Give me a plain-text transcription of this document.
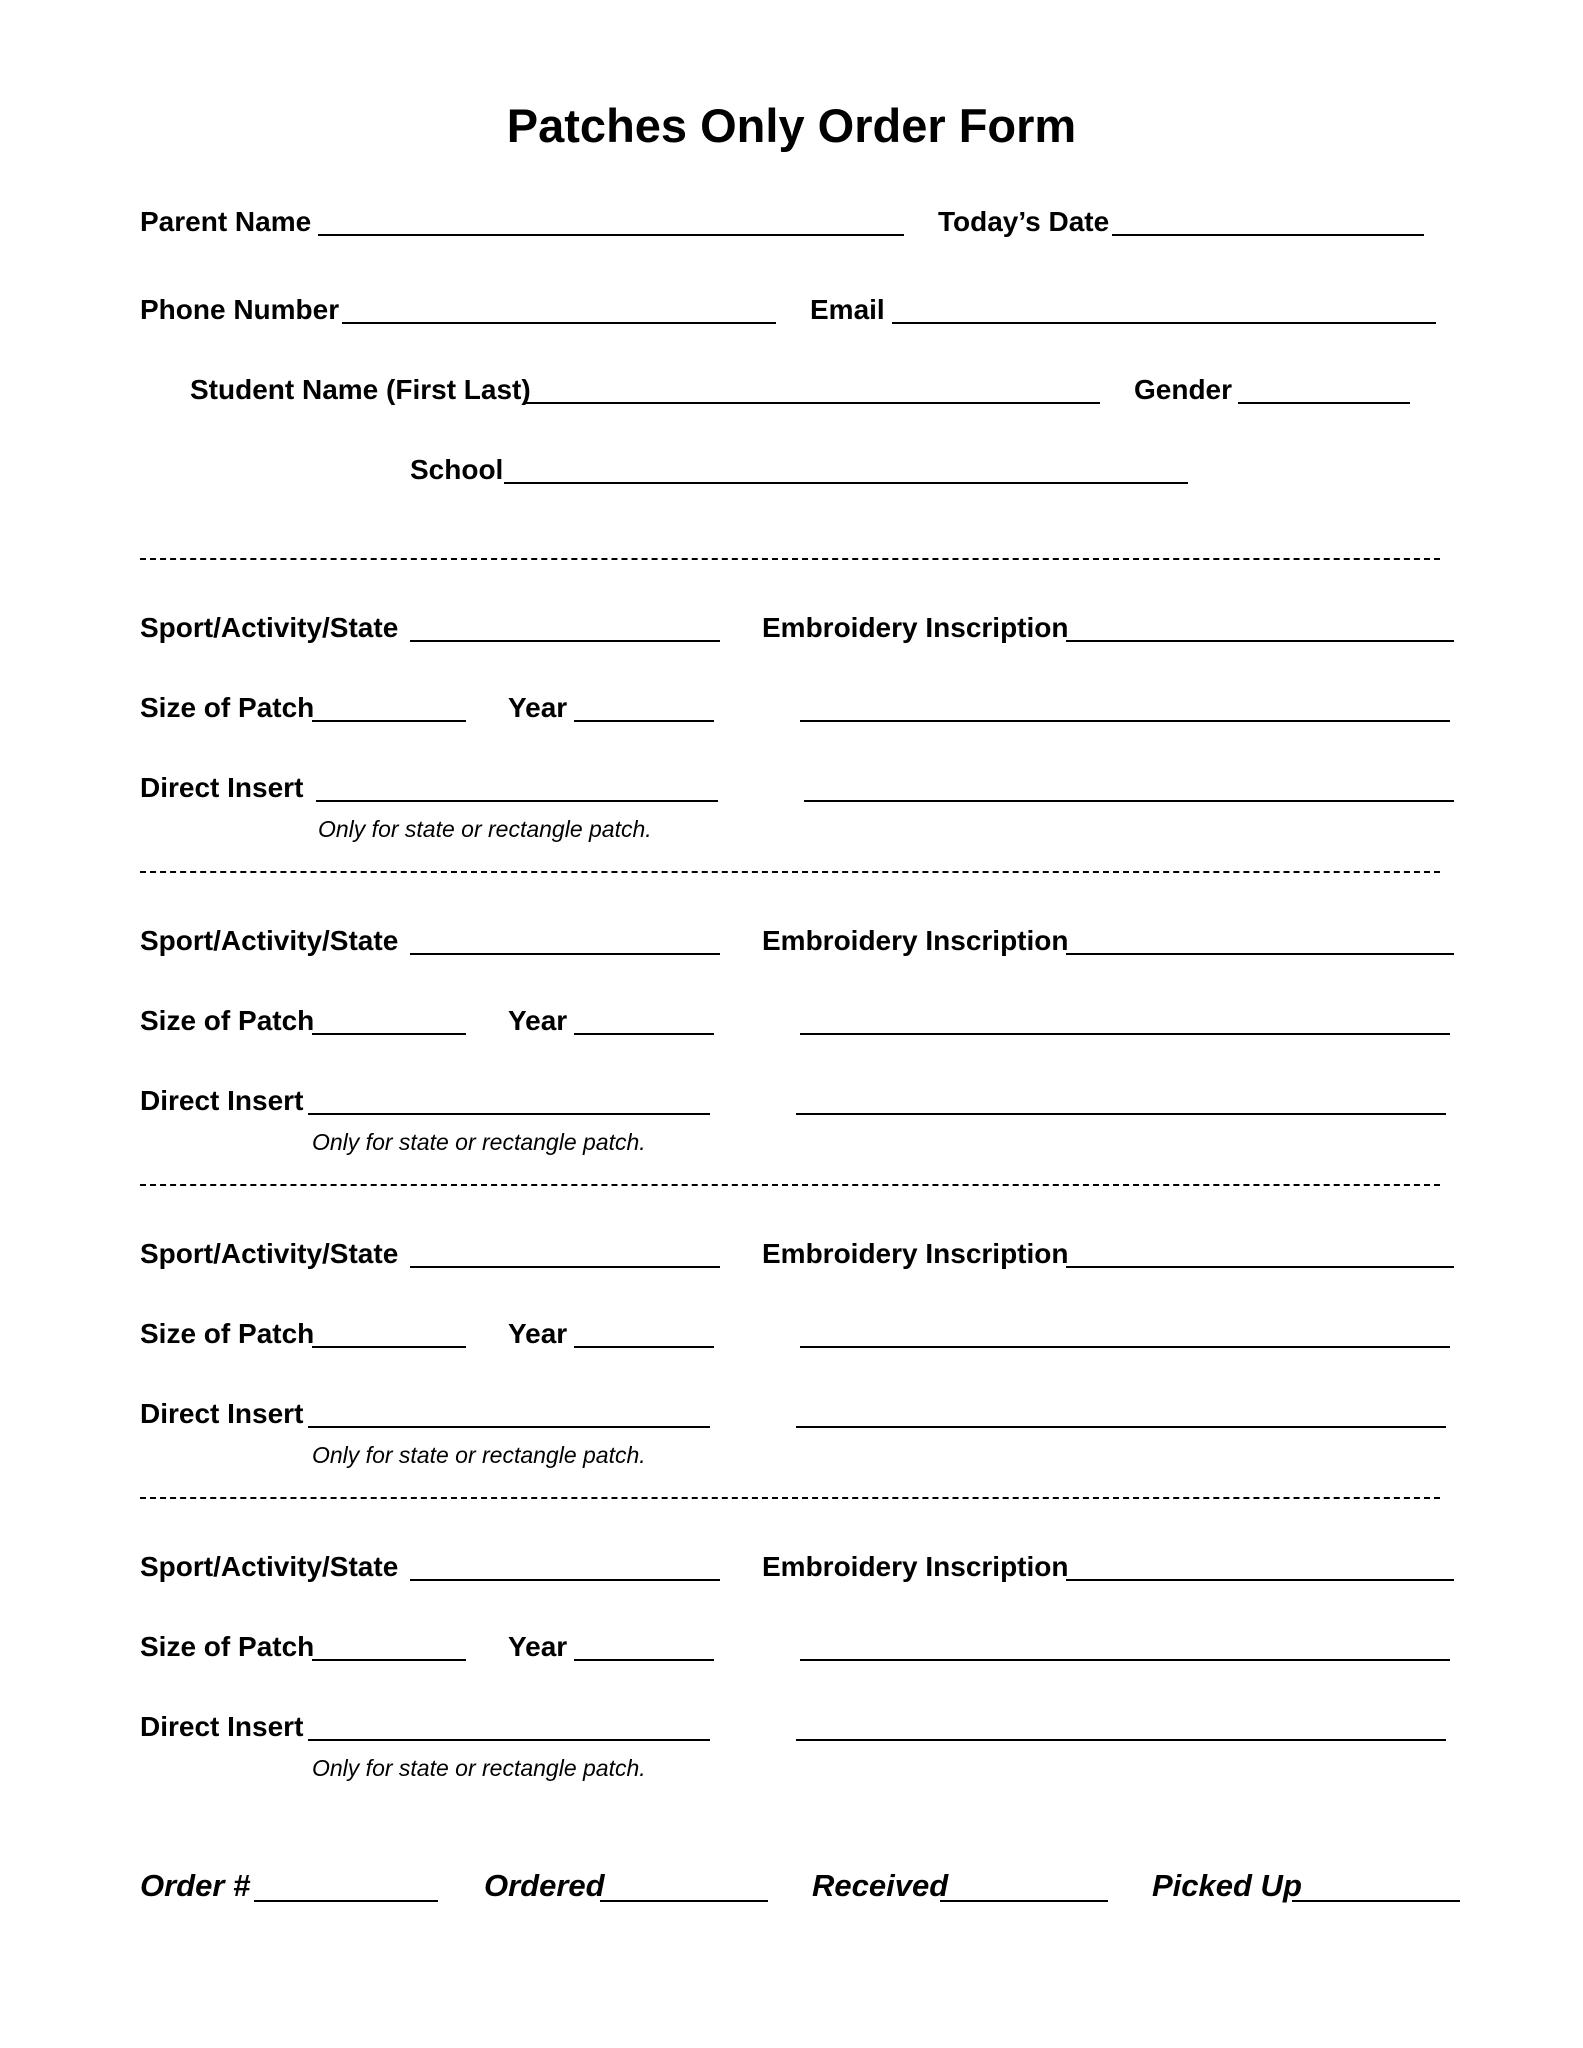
Patches Only Order Form
Parent Name	Today’s Date
Phone Number	Email
Student Name (First Last)	Gender
School
Sport/Activity/State	Embroidery Inscription
Size of Patch	Year
Direct Insert
Only for state or rectangle patch.
Sport/Activity/State	Embroidery Inscription
Size of Patch	Year
Direct Insert
Only for state or rectangle patch.
Sport/Activity/State	Embroidery Inscription
Size of Patch	Year
Direct Insert
Only for state or rectangle patch.
Sport/Activity/State	Embroidery Inscription
Size of Patch	Year
Direct Insert
Only for state or rectangle patch.
Order #	Ordered	Received	Picked Up
